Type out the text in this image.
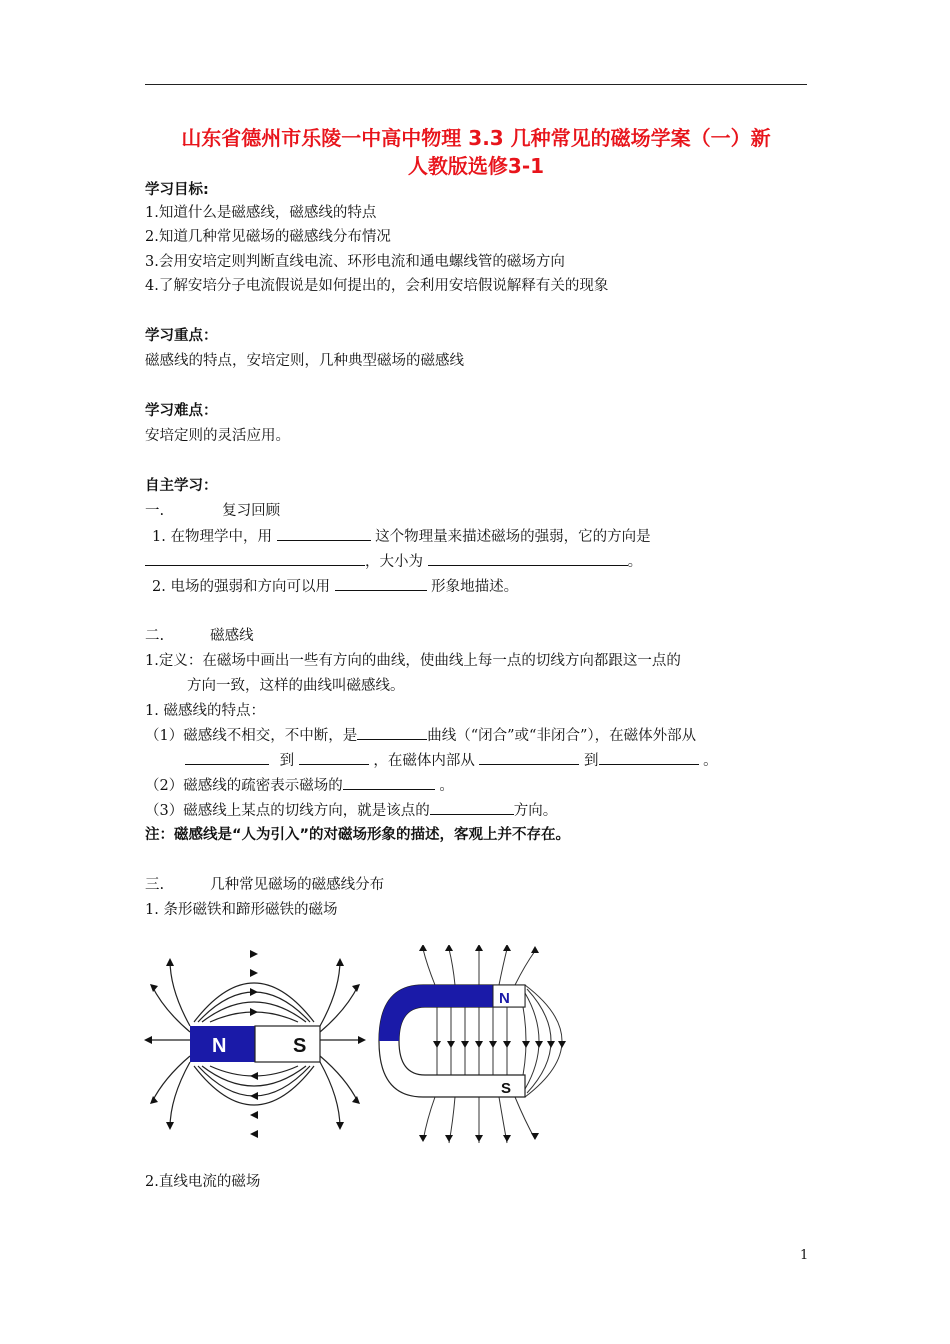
山东省德州市乐陵一中高中物理 3.3 几种常见的磁场学案（一）新
人教版选修3-1
学习目标:
1.知道什么是磁感线，磁感线的特点
2.知道几种常见磁场的磁感线分布情况
3.会用安培定则判断直线电流、环形电流和通电螺线管的磁场方向
4.了解安培分子电流假说是如何提出的，会利用安培假说解释有关的现象
学习重点：
磁感线的特点，安培定则，几种典型磁场的磁感线
学习难点：
安培定则的灵活应用。
自主学习：
一.	复习回顾
1. 在物理学中，用	这个物理量来描述磁场的强弱，它的方向是
，大小为	。
2. 电场的强弱和方向可以用	形象地描述。
二.	磁感线
1.定义：在磁场中画出一些有方向的曲线，使曲线上每一点的切线方向都跟这一点的
方向一致，这样的曲线叫磁感线。
1. 磁感线的特点：
（1）磁感线不相交，不中断，是	曲线（“闭合”或“非闭合”），在磁体外部从
到	，在磁体内部从	到	。
（2）磁感线的疏密表示磁场的	。
（3）磁感线上某点的切线方向，就是该点的	方向。
注：磁感线是“人为引入”的对磁场形象的描述，客观上并不存在。
三.	几种常见磁场的磁感线分布
1. 条形磁铁和蹄形磁铁的磁场
N	S
N
S
2.直线电流的磁场
1
